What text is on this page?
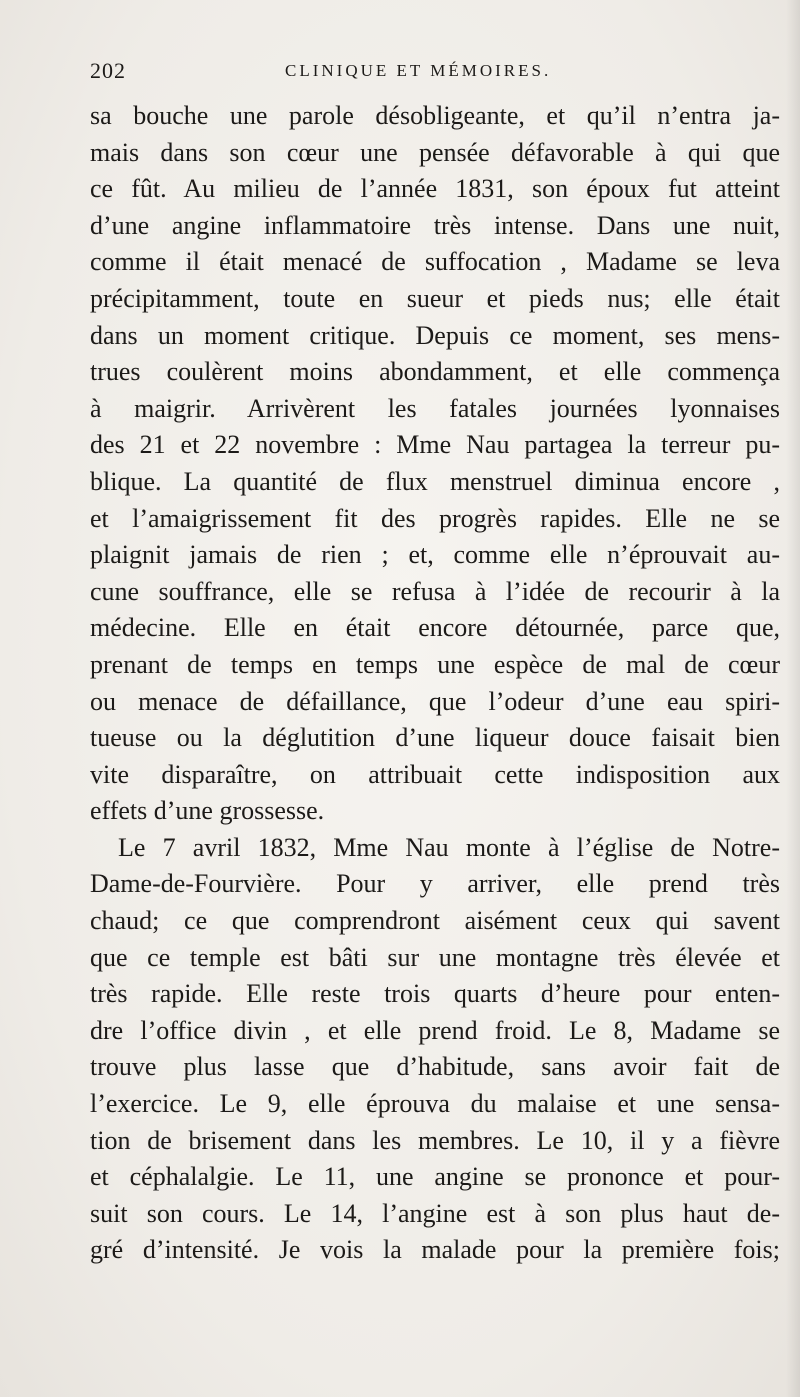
202	CLINIQUE ET MÉMOIRES.
sa bouche une parole désobligeante, et qu’il n’entra ja-
mais dans son cœur une pensée défavorable à qui que
ce fût. Au milieu de l’année 1831, son époux fut atteint
d’une angine inflammatoire très intense. Dans une nuit,
comme il était menacé de suffocation , Madame se leva
précipitamment, toute en sueur et pieds nus; elle était
dans un moment critique. Depuis ce moment, ses mens-
trues coulèrent moins abondamment, et elle commença
à maigrir. Arrivèrent les fatales journées lyonnaises
des 21 et 22 novembre : Mme Nau partagea la terreur pu-
blique. La quantité de flux menstruel diminua encore ,
et l’amaigrissement fit des progrès rapides. Elle ne se
plaignit jamais de rien ; et, comme elle n’éprouvait au-
cune souffrance, elle se refusa à l’idée de recourir à la
médecine. Elle en était encore détournée, parce que,
prenant de temps en temps une espèce de mal de cœur
ou menace de défaillance, que l’odeur d’une eau spiri-
tueuse ou la déglutition d’une liqueur douce faisait bien
vite disparaître, on attribuait cette indisposition aux
effets d’une grossesse.
Le 7 avril 1832, Mme Nau monte à l’église de Notre-
Dame-de-Fourvière. Pour y arriver, elle prend très
chaud; ce que comprendront aisément ceux qui savent
que ce temple est bâti sur une montagne très élevée et
très rapide. Elle reste trois quarts d’heure pour enten-
dre l’office divin , et elle prend froid. Le 8, Madame se
trouve plus lasse que d’habitude, sans avoir fait de
l’exercice. Le 9, elle éprouva du malaise et une sensa-
tion de brisement dans les membres. Le 10, il y a fièvre
et céphalalgie. Le 11, une angine se prononce et pour-
suit son cours. Le 14, l’angine est à son plus haut de-
gré d’intensité. Je vois la malade pour la première fois;
